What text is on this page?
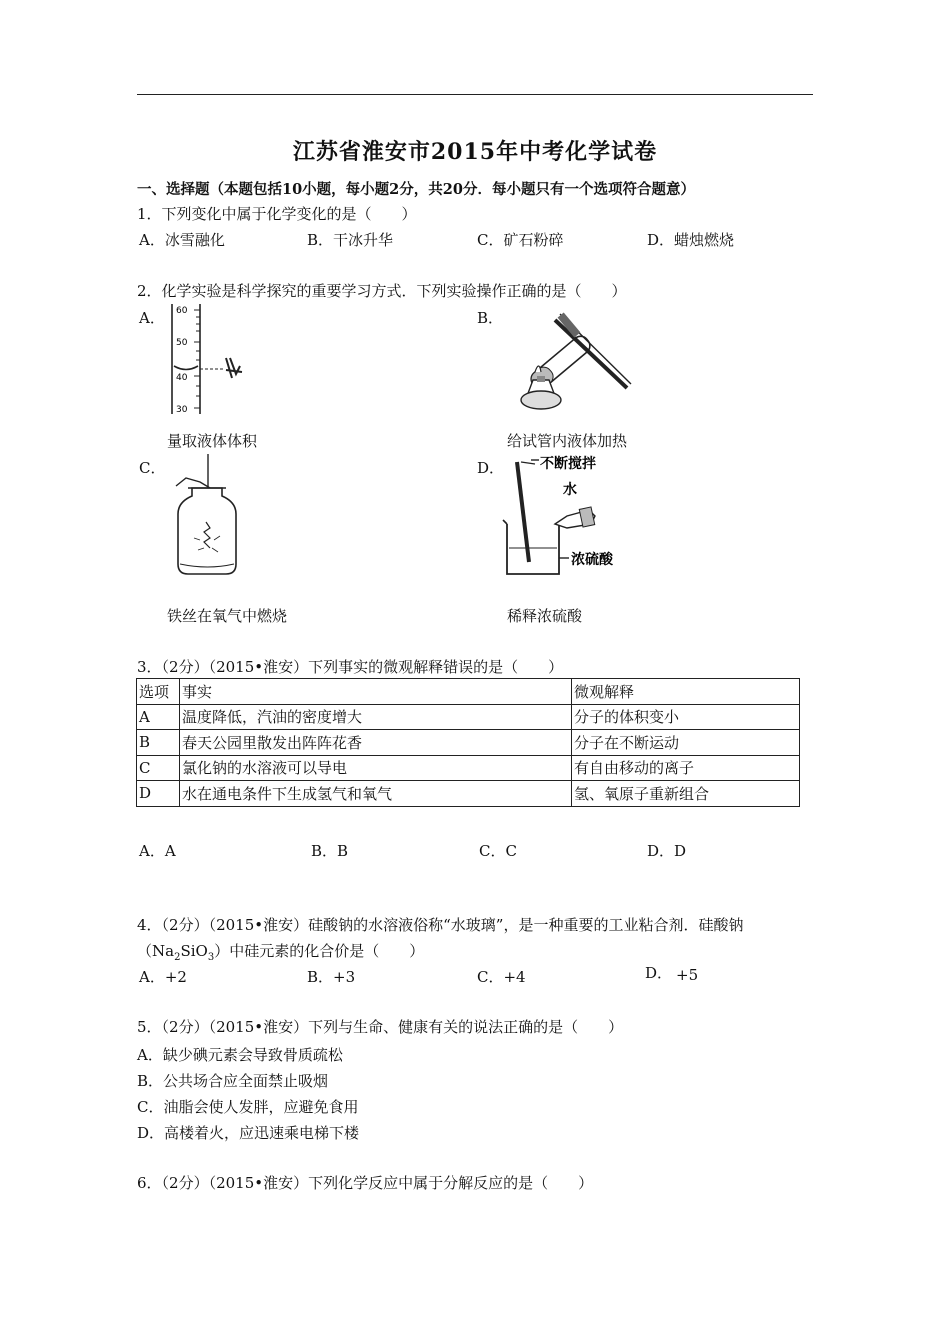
江苏省淮安市2015年中考化学试卷
一、选择题（本题包括10小题，每小题2分，共20分．每小题只有一个选项符合题意）
1．下列变化中属于化学变化的是（　　）
A．冰雪融化	B．干冰升华	C．矿石粉碎	D．蜡烛燃烧
2．化学实验是科学探究的重要学习方式．下列实验操作正确的是（　　）
A．	B．
C．	D．
60
50
40
30
量取液体体积	给试管内液体加热
不断搅拌
水
浓硫酸
铁丝在氧气中燃烧	稀释浓硫酸
3．（2分）（2015•淮安）下列事实的微观解释错误的是（　　）
选项	事实	微观解释
A	温度降低，汽油的密度增大	分子的体积变小
B	春天公园里散发出阵阵花香	分子在不断运动
C	氯化钠的水溶液可以导电	有自由移动的离子
D	水在通电条件下生成氢气和氧气	氢、氧原子重新组合
A．A	B．B	C．C	D．D
4．（2分）（2015•淮安）硅酸钠的水溶液俗称“水玻璃”，是一种重要的工业粘合剂．硅酸钠
$(Na_2SiO_3)$中硅元素的化合价是（　　）
A．+2	B．+3	C．+4	D． +5
5．（2分）（2015•淮安）下列与生命、健康有关的说法正确的是（　　）
A．缺少碘元素会导致骨质疏松
B．公共场合应全面禁止吸烟
C．油脂会使人发胖，应避免食用
D．高楼着火，应迅速乘电梯下楼
6．（2分）（2015•淮安）下列化学反应中属于分解反应的是（　　）
